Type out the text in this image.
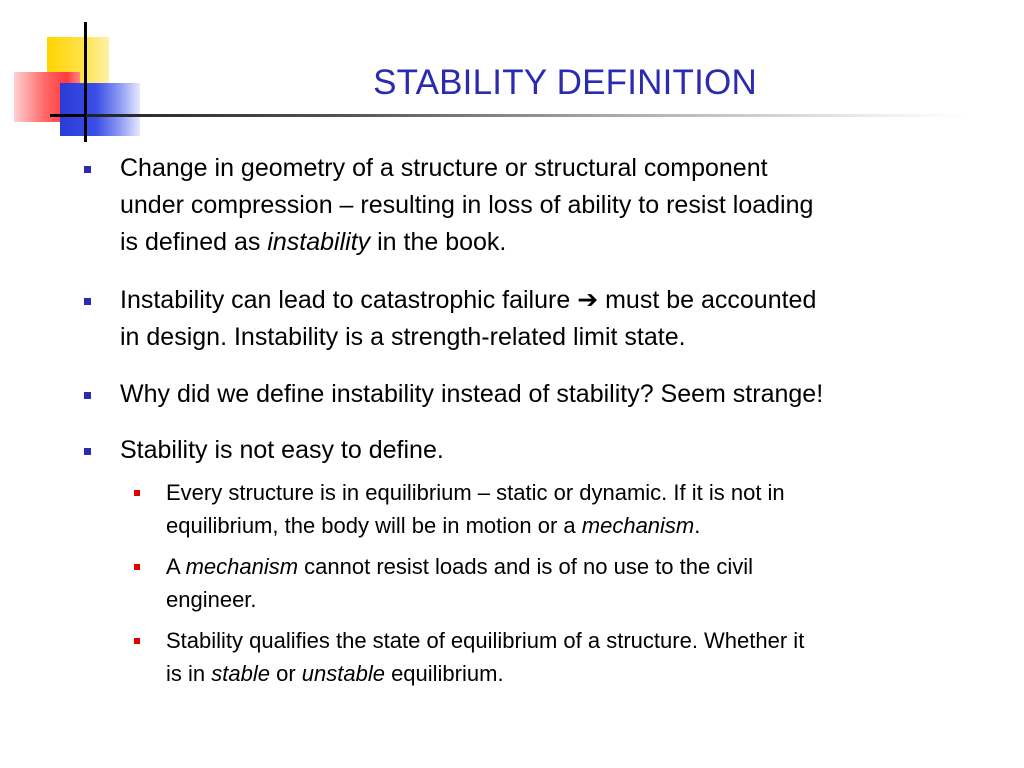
STABILITY DEFINITION
Change in geometry of a structure or structural component
under compression – resulting in loss of ability to resist loading
is defined as instability in the book.
Instability can lead to catastrophic failure ➔ must be accounted
in design. Instability is a strength-related limit state.
Why did we define instability instead of stability? Seem strange!
Stability is not easy to define.
Every structure is in equilibrium – static or dynamic. If it is not in
equilibrium, the body will be in motion or a mechanism.
A mechanism cannot resist loads and is of no use to the civil
engineer.
Stability qualifies the state of equilibrium of a structure. Whether it
is in stable or unstable equilibrium.
